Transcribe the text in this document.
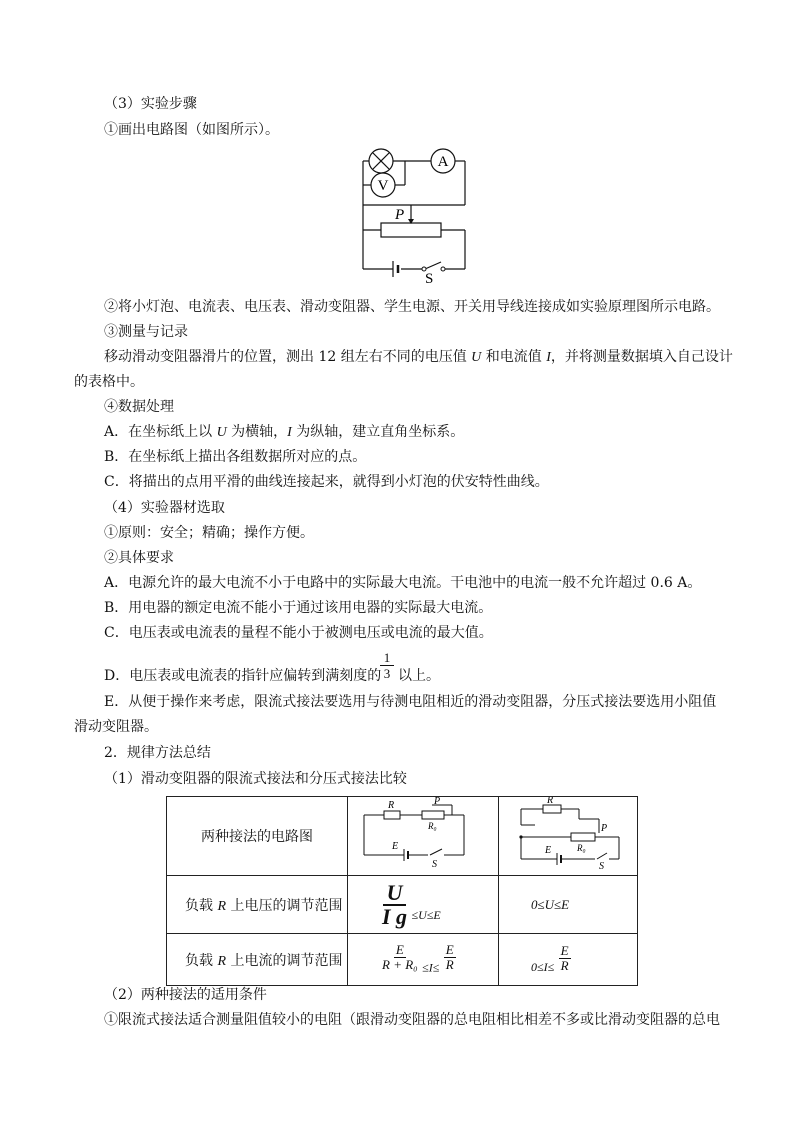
（3）实验步骤
①画出电路图（如图所示）。
A
V
P
S
②将小灯泡、电流表、电压表、滑动变阻器、学生电源、开关用导线连接成如实验原理图所示电路。
③测量与记录
移动滑动变阻器滑片的位置，测出 12 组左右不同的电压值 U 和电流值 I，并将测量数据填入自己设计
的表格中。
④数据处理
A．在坐标纸上以 U 为横轴，I 为纵轴，建立直角坐标系。
B．在坐标纸上描出各组数据所对应的点。
C．将描出的点用平滑的曲线连接起来，就得到小灯泡的伏安特性曲线。
（4）实验器材选取
①原则：安全；精确；操作方便。
②具体要求
A．电源允许的最大电流不小于电路中的实际最大电流。干电池中的电流一般不允许超过 0.6 A。
B．用电器的额定电流不能小于通过该用电器的实际最大电流。
C．电压表或电流表的量程不能小于被测电压或电流的最大值。
D．电压表或电流表的指针应偏转到满刻度的
1
3 以上。
E．从便于操作来考虑，限流式接法要选用与待测电阻相近的滑动变阻器，分压式接法要选用小阻值
滑动变阻器。
2．规律方法总结
（1）滑动变阻器的限流式接法和分压式接法比较
两种接法的电路图	R P
R₀
E
S	R
P
R₀
E
S

负载 R 上电压的调节范围	$\frac{U}{\text{I g}} \le U\le E$	0≤U≤E
负载 R 上电流的调节范围	$\frac{E}{\text{R + R₀}} \le I\le \frac{E}{R}$	$0\le I\le \frac{E}{R}$
（2）两种接法的适用条件
①限流式接法适合测量阻值较小的电阻（跟滑动变阻器的总电阻相比相差不多或比滑动变阻器的总电
